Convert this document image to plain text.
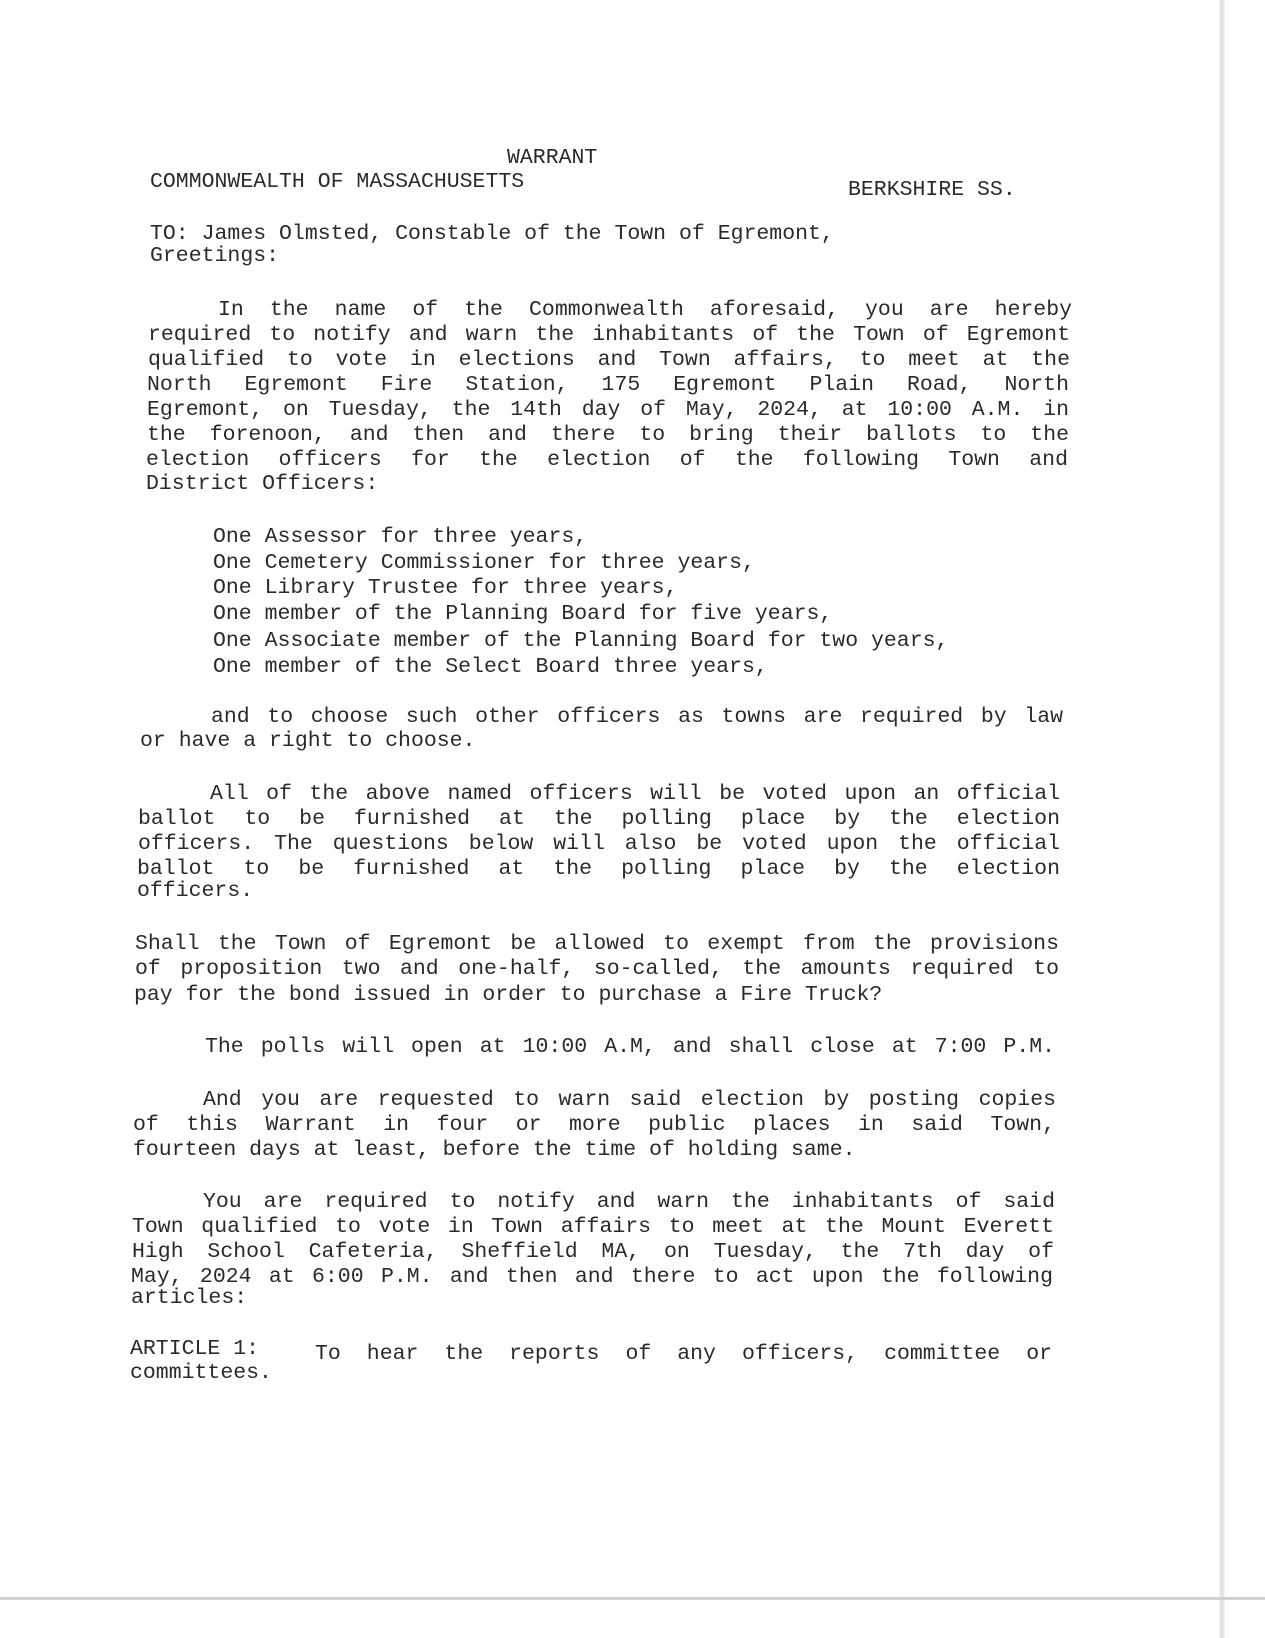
WARRANT
COMMONWEALTH OF MASSACHUSETTS	BERKSHIRE SS.
TO: James Olmsted, Constable of the Town of Egremont,
Greetings:
In the name of the Commonwealth aforesaid, you are hereby
required to notify and warn the inhabitants of the Town of Egremont
qualified to vote in elections and Town affairs, to meet at the
North Egremont Fire Station, 175 Egremont Plain Road, North
Egremont, on Tuesday, the 14th day of May, 2024, at 10:00 A.M. in
the forenoon, and then and there to bring their ballots to the
election officers for the election of the following Town and
District Officers:
One Assessor for three years,
One Cemetery Commissioner for three years,
One Library Trustee for three years,
One member of the Planning Board for five years,
One Associate member of the Planning Board for two years,
One member of the Select Board three years,
and to choose such other officers as towns are required by law
or have a right to choose.
All of the above named officers will be voted upon an official
ballot to be furnished at the polling place by the election
officers. The questions below will also be voted upon the official
ballot to be furnished at the polling place by the election
officers.
Shall the Town of Egremont be allowed to exempt from the provisions
of proposition two and one-half, so-called, the amounts required to
pay for the bond issued in order to purchase a Fire Truck?
The polls will open at 10:00 A.M, and shall close at 7:00 P.M.
And you are requested to warn said election by posting copies
of this Warrant in four or more public places in said Town,
fourteen days at least, before the time of holding same.
You are required to notify and warn the inhabitants of said
Town qualified to vote in Town affairs to meet at the Mount Everett
High School Cafeteria, Sheffield MA, on Tuesday, the 7th day of
May, 2024 at 6:00 P.M. and then and there to act upon the following
articles:
ARTICLE 1:	To hear the reports of any officers, committee or
committees.
